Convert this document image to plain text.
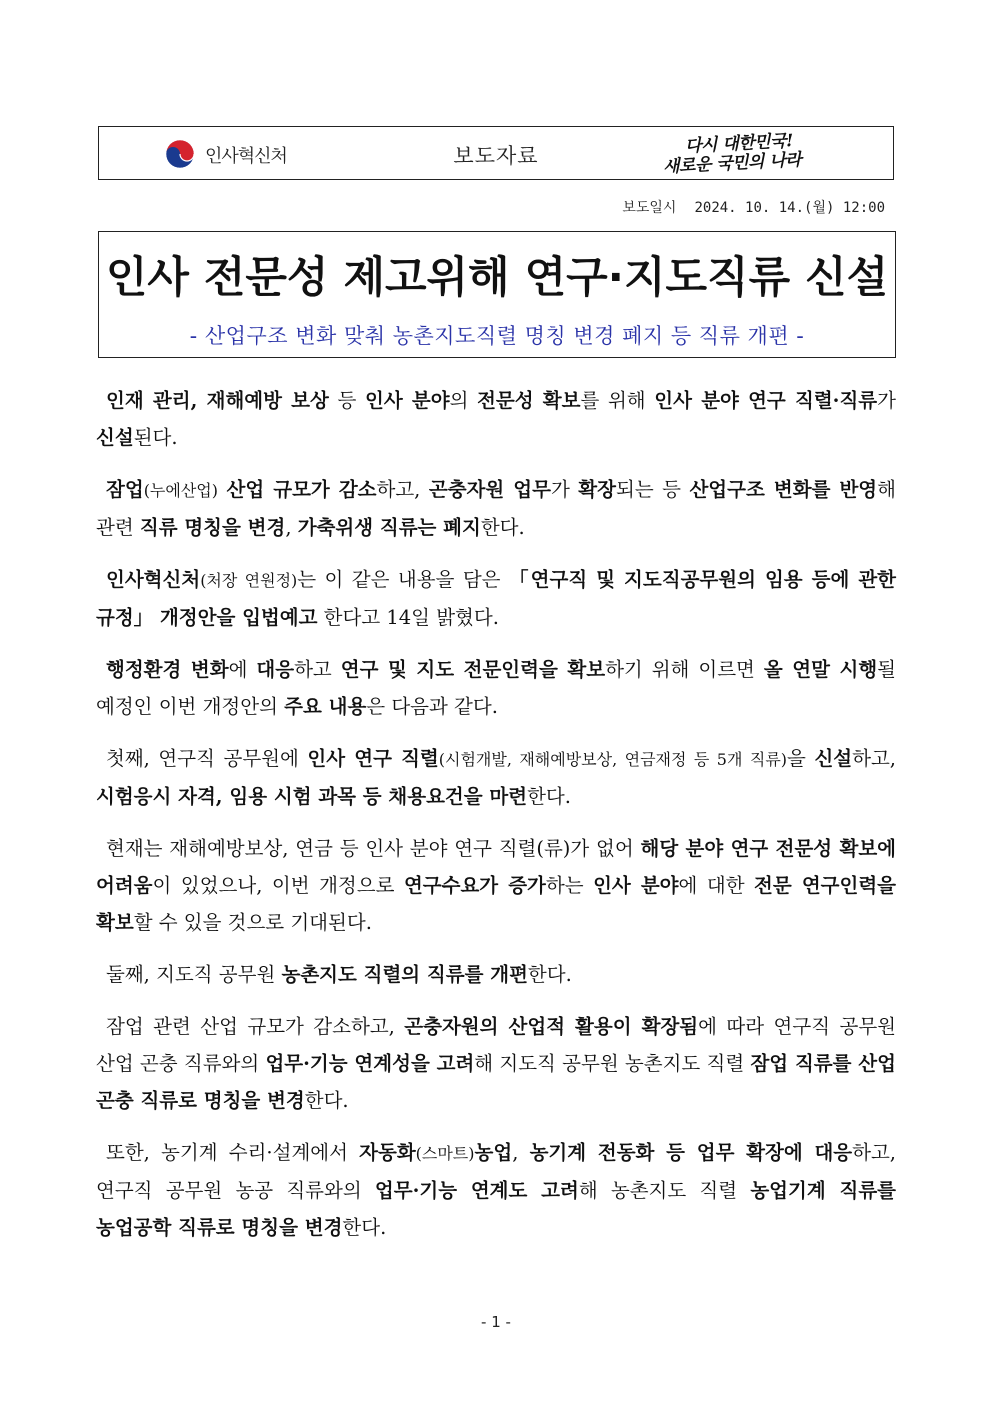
인사혁신처	보도자료	다시 대한민국!
새로운 국민의 나라
보도일시 2024. 10. 14.(월) 12:00
인사 전문성 제고위해 연구·지도직류 신설
- 산업구조 변화 맞춰 농촌지도직렬 명칭 변경 폐지 등 직류 개편 -

인재 관리, 재해예방 보상 등 인사 분야의 전문성 확보를 위해 인사 분야 연구 직렬·직류가 신설된다.

잠업(누에산업) 산업 규모가 감소하고, 곤충자원 업무가 확장되는 등 산업구조 변화를 반영해 관련 직류 명칭을 변경, 가축위생 직류는 폐지한다.

인사혁신처(처장 연원정)는 이 같은 내용을 담은 「연구직 및 지도직공무원의 임용 등에 관한 규정」 개정안을 입법예고 한다고 14일 밝혔다.

행정환경 변화에 대응하고 연구 및 지도 전문인력을 확보하기 위해 이르면 올 연말 시행될 예정인 이번 개정안의 주요 내용은 다음과 같다.

첫째, 연구직 공무원에 인사 연구 직렬(시험개발, 재해예방보상, 연금재정 등 5개 직류)을 신설하고, 시험응시 자격, 임용 시험 과목 등 채용요건을 마련한다.

현재는 재해예방보상, 연금 등 인사 분야 연구 직렬(류)가 없어 해당 분야 연구 전문성 확보에 어려움이 있었으나, 이번 개정으로 연구수요가 증가하는 인사 분야에 대한 전문 연구인력을 확보할 수 있을 것으로 기대된다.

둘째, 지도직 공무원 농촌지도 직렬의 직류를 개편한다.

잠업 관련 산업 규모가 감소하고, 곤충자원의 산업적 활용이 확장됨에 따라 연구직 공무원 산업 곤충 직류와의 업무·기능 연계성을 고려해 지도직 공무원 농촌지도 직렬 잠업 직류를 산업 곤충 직류로 명칭을 변경한다.

또한, 농기계 수리·설계에서 자동화(스마트)농업, 농기계 전동화 등 업무 확장에 대응하고, 연구직 공무원 농공 직류와의 업무·기능 연계도 고려해 농촌지도 직렬 농업기계 직류를 농업공학 직류로 명칭을 변경한다.

- 1 -
